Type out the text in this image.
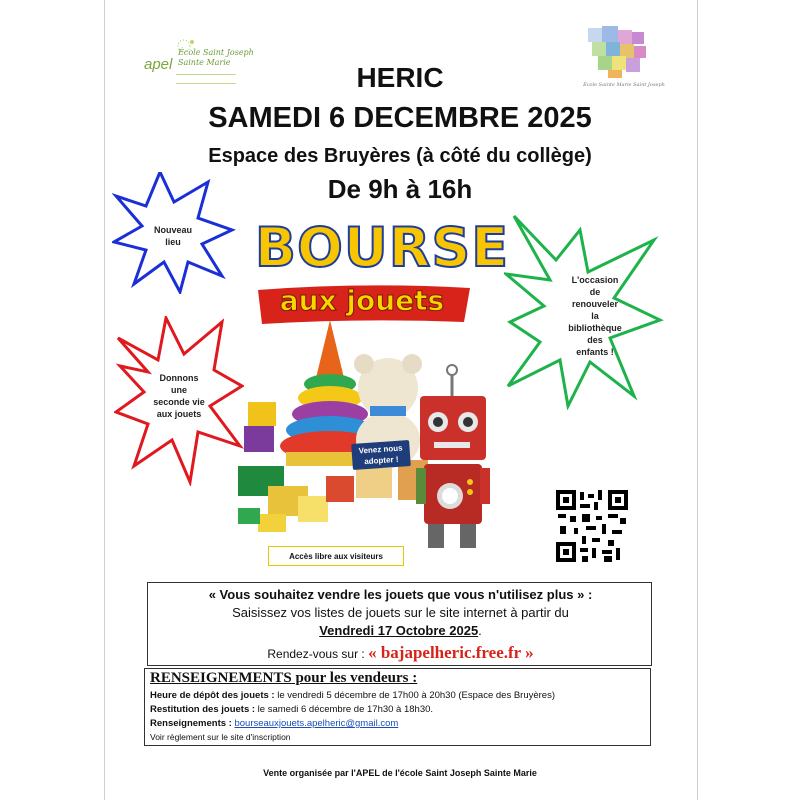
apel
École Saint Joseph Sainte Marie
École Sainte Marie Saint Joseph
HERIC
SAMEDI 6 DECEMBRE 2025
Espace des Bruyères (à côté du collège)
De 9h à 16h
Nouveau
lieu
L'occasion
de
renouveler
la
bibliothèque
des
enfants !
Donnons
une
seconde vie
aux jouets
BOURSE
aux jouets
Venez nous adopter !
Accès libre aux visiteurs
« Vous souhaitez vendre les jouets que vous n'utilisez plus » :
Saisissez vos listes de jouets sur le site internet à partir du
Vendredi 17 Octobre 2025.
Rendez-vous sur : « bajapelheric.free.fr »
RENSEIGNEMENTS pour les vendeurs :
Heure de dépôt des jouets : le vendredi 5 décembre de 17h00 à 20h30 (Espace des Bruyères)
Restitution des jouets : le samedi 6 décembre de 17h30 à 18h30.
Renseignements : bourseauxjouets.apelheric@gmail.com
Voir règlement sur le site d'inscription
Vente organisée par l'APEL de l'école Saint Joseph Sainte Marie
